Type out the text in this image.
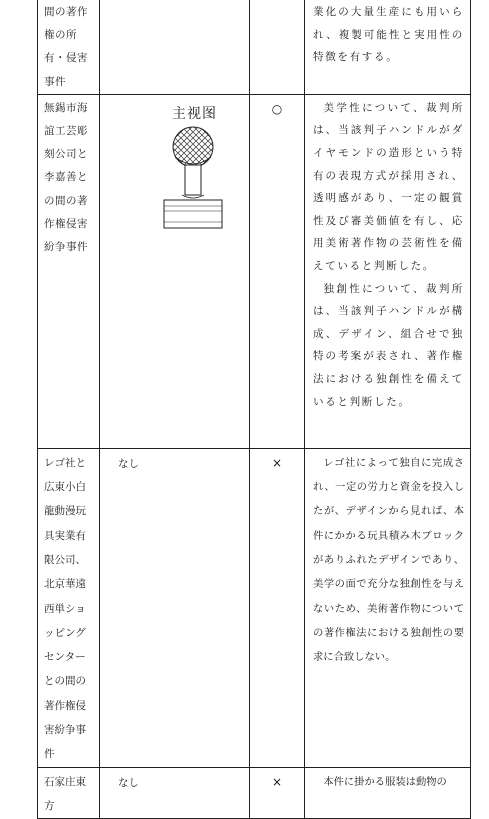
間の著作権の所有・侵害事件			業化の大量生産にも用いられ、複製可能性と実用性の特徴を有する。

無錫市海誼工芸彫刻公司と李嘉善との間の著作権侵害紛争事件	主视图	○	美学性について、裁判所は、当該判子ハンドルがダイヤモンドの造形という特有の表現方式が採用され、透明感があり、一定の観賞性及び審美価値を有し、応用美術著作物の芸術性を備えていると判断した。

独創性について、裁判所は、当該判子ハンドルが構成、デザイン、組合せで独特の考案が表され、著作権法における独創性を備えていると判断した。

レゴ社と広東小白龍動漫玩具実業有限公司、北京華遠西単ショッピングセンターとの間の著作権侵害紛争事件	なし	×	レゴ社によって独自に完成され、一定の労力と資金を投入したが、デザインから見れば、本件にかかる玩具積み木ブロックがありふれたデザインであり、美学の面で充分な独創性を与えないため、美術著作物についての著作権法における独創性の要求に合致しない。

石家庄東方	なし	×	本件に掛かる服装は動物の
